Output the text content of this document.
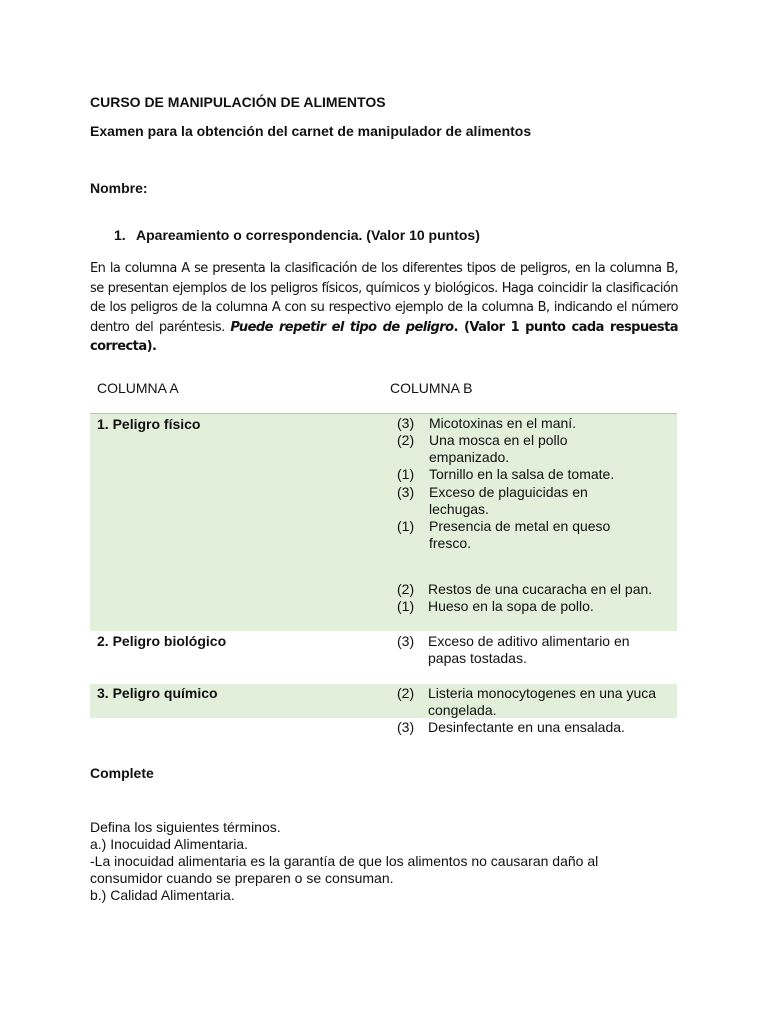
CURSO DE MANIPULACIÓN DE ALIMENTOS
Examen para la obtención del carnet de manipulador de alimentos
Nombre:
1. Apareamiento o correspondencia. (Valor 10 puntos)
En la columna A se presenta la clasificación de los diferentes tipos de peligros, en la columna B, se presentan ejemplos de los peligros físicos, químicos y biológicos. Haga coincidir la clasificación de los peligros de la columna A con su respectivo ejemplo de la columna B, indicando el número dentro del paréntesis. Puede repetir el tipo de peligro. (Valor 1 punto cada respuesta correcta).
COLUMNA A	COLUMNA B
1. Peligro físico
2. Peligro biológico
3. Peligro químico
(3) Micotoxinas en el maní.
(2) Una mosca en el pollo empanizado.
(1) Tornillo en la salsa de tomate.
(3) Exceso de plaguicidas en lechugas.
(1) Presencia de metal en queso fresco.
(2) Restos de una cucaracha en el pan.
(1) Hueso en la sopa de pollo.
(3) Exceso de aditivo alimentario en papas tostadas.
(2) Listeria monocytogenes en una yuca congelada.
(3) Desinfectante en una ensalada.
Complete
Defina los siguientes términos.
a.) Inocuidad Alimentaria.
-La inocuidad alimentaria es la garantía de que los alimentos no causaran daño al
consumidor cuando se preparen o se consuman.
b.) Calidad Alimentaria.
